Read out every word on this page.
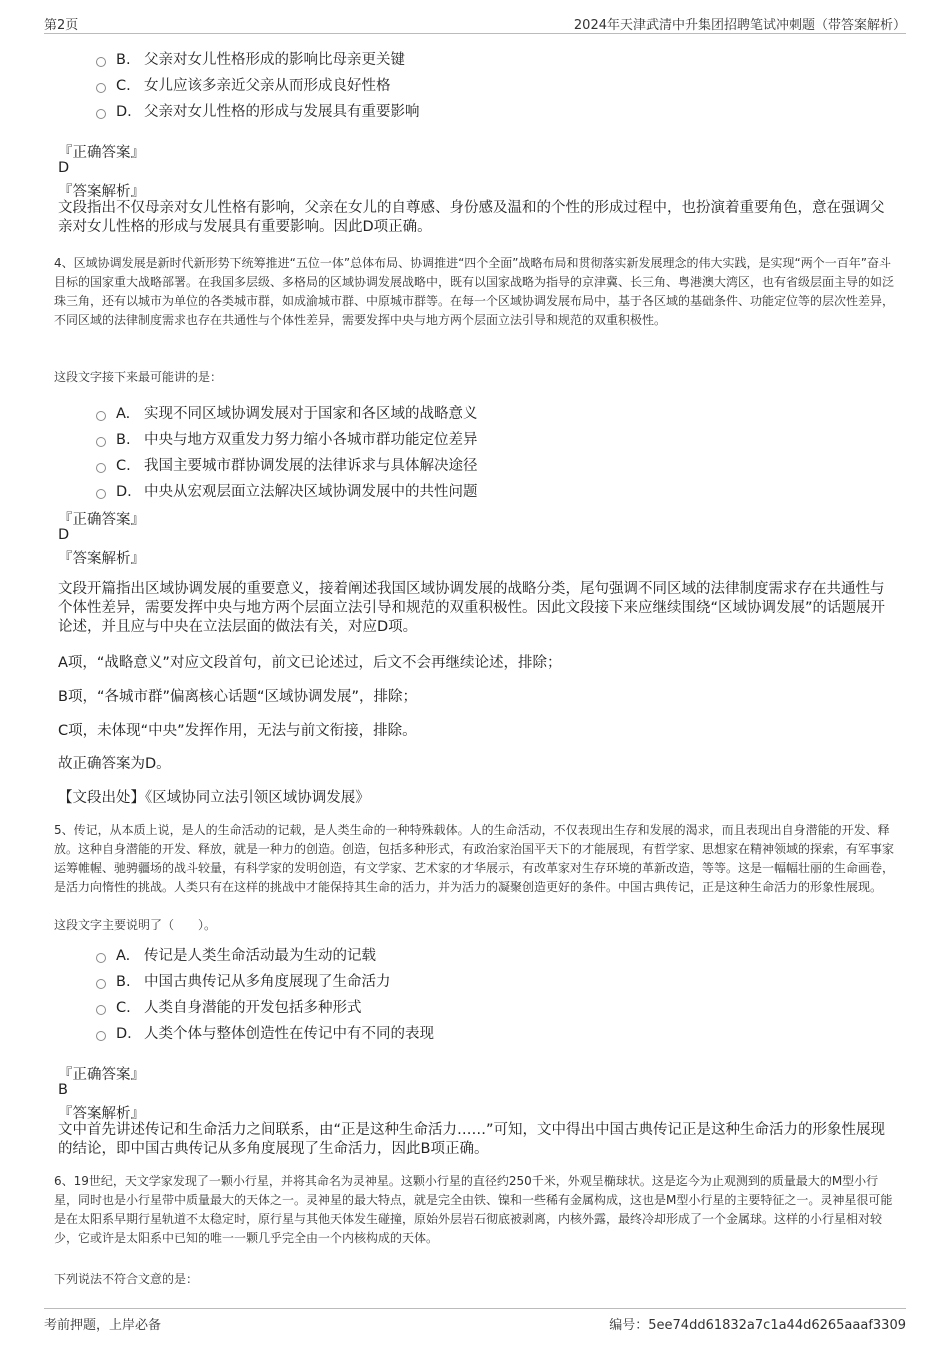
第2页	2024年天津武清中升集团招聘笔试冲刺题（带答案解析）
B. 父亲对女儿性格形成的影响比母亲更关键
C. 女儿应该多亲近父亲从而形成良好性格
D. 父亲对女儿性格的形成与发展具有重要影响
『正确答案』
D
『答案解析』
文段指出不仅母亲对女儿性格有影响，父亲在女儿的自尊感、身份感及温和的个性的形成过程中，也扮演着重要角色，意在强调父亲对女儿性格的形成与发展具有重要影响。因此D项正确。
4、区域协调发展是新时代新形势下统筹推进“五位一体”总体布局、协调推进“四个全面”战略布局和贯彻落实新发展理念的伟大实践，是实现“两个一百年”奋斗目标的国家重大战略部署。在我国多层级、多格局的区域协调发展战略中，既有以国家战略为指导的京津冀、长三角、粤港澳大湾区，也有省级层面主导的如泛珠三角，还有以城市为单位的各类城市群，如成渝城市群、中原城市群等。在每一个区域协调发展布局中，基于各区域的基础条件、功能定位等的层次性差异，不同区域的法律制度需求也存在共通性与个体性差异，需要发挥中央与地方两个层面立法引导和规范的双重积极性。
这段文字接下来最可能讲的是：
A. 实现不同区域协调发展对于国家和各区域的战略意义
B. 中央与地方双重发力努力缩小各城市群功能定位差异
C. 我国主要城市群协调发展的法律诉求与具体解决途径
D. 中央从宏观层面立法解决区域协调发展中的共性问题
『正确答案』
D
『答案解析』
文段开篇指出区域协调发展的重要意义，接着阐述我国区域协调发展的战略分类，尾句强调不同区域的法律制度需求存在共通性与个体性差异，需要发挥中央与地方两个层面立法引导和规范的双重积极性。因此文段接下来应继续围绕“区域协调发展”的话题展开论述，并且应与中央在立法层面的做法有关，对应D项。
A项，“战略意义”对应文段首句，前文已论述过，后文不会再继续论述，排除；
B项，“各城市群”偏离核心话题“区域协调发展”，排除；
C项，未体现“中央”发挥作用，无法与前文衔接，排除。
故正确答案为D。
【文段出处】《区域协同立法引领区域协调发展》
5、传记，从本质上说，是人的生命活动的记载，是人类生命的一种特殊载体。人的生命活动，不仅表现出生存和发展的渴求，而且表现出自身潜能的开发、释放。这种自身潜能的开发、释放，就是一种力的创造。创造，包括多种形式，有政治家治国平天下的才能展现，有哲学家、思想家在精神领域的探索，有军事家运筹帷幄、驰骋疆场的战斗较量，有科学家的发明创造，有文学家、艺术家的才华展示，有改革家对生存环境的革新改造，等等。这是一幅幅壮丽的生命画卷，是活力向惰性的挑战。人类只有在这样的挑战中才能保持其生命的活力，并为活力的凝聚创造更好的条件。中国古典传记，正是这种生命活力的形象性展现。
这段文字主要说明了（　　）。
A. 传记是人类生命活动最为生动的记载
B. 中国古典传记从多角度展现了生命活力
C. 人类自身潜能的开发包括多种形式
D. 人类个体与整体创造性在传记中有不同的表现
『正确答案』
B
『答案解析』
文中首先讲述传记和生命活力之间联系，由“正是这种生命活力……”可知，文中得出中国古典传记正是这种生命活力的形象性展现的结论，即中国古典传记从多角度展现了生命活力，因此B项正确。
6、19世纪，天文学家发现了一颗小行星，并将其命名为灵神星。这颗小行星的直径约250千米，外观呈椭球状。这是迄今为止观测到的质量最大的M型小行星，同时也是小行星带中质量最大的天体之一。灵神星的最大特点，就是完全由铁、镍和一些稀有金属构成，这也是M型小行星的主要特征之一。灵神星很可能是在太阳系早期行星轨道不太稳定时，原行星与其他天体发生碰撞，原始外层岩石彻底被剥离，内核外露，最终冷却形成了一个金属球。这样的小行星相对较少，它或许是太阳系中已知的唯一一颗几乎完全由一个内核构成的天体。
下列说法不符合文意的是：
考前押题，上岸必备	编号：5ee74dd61832a7c1a44d6265aaaf3309
